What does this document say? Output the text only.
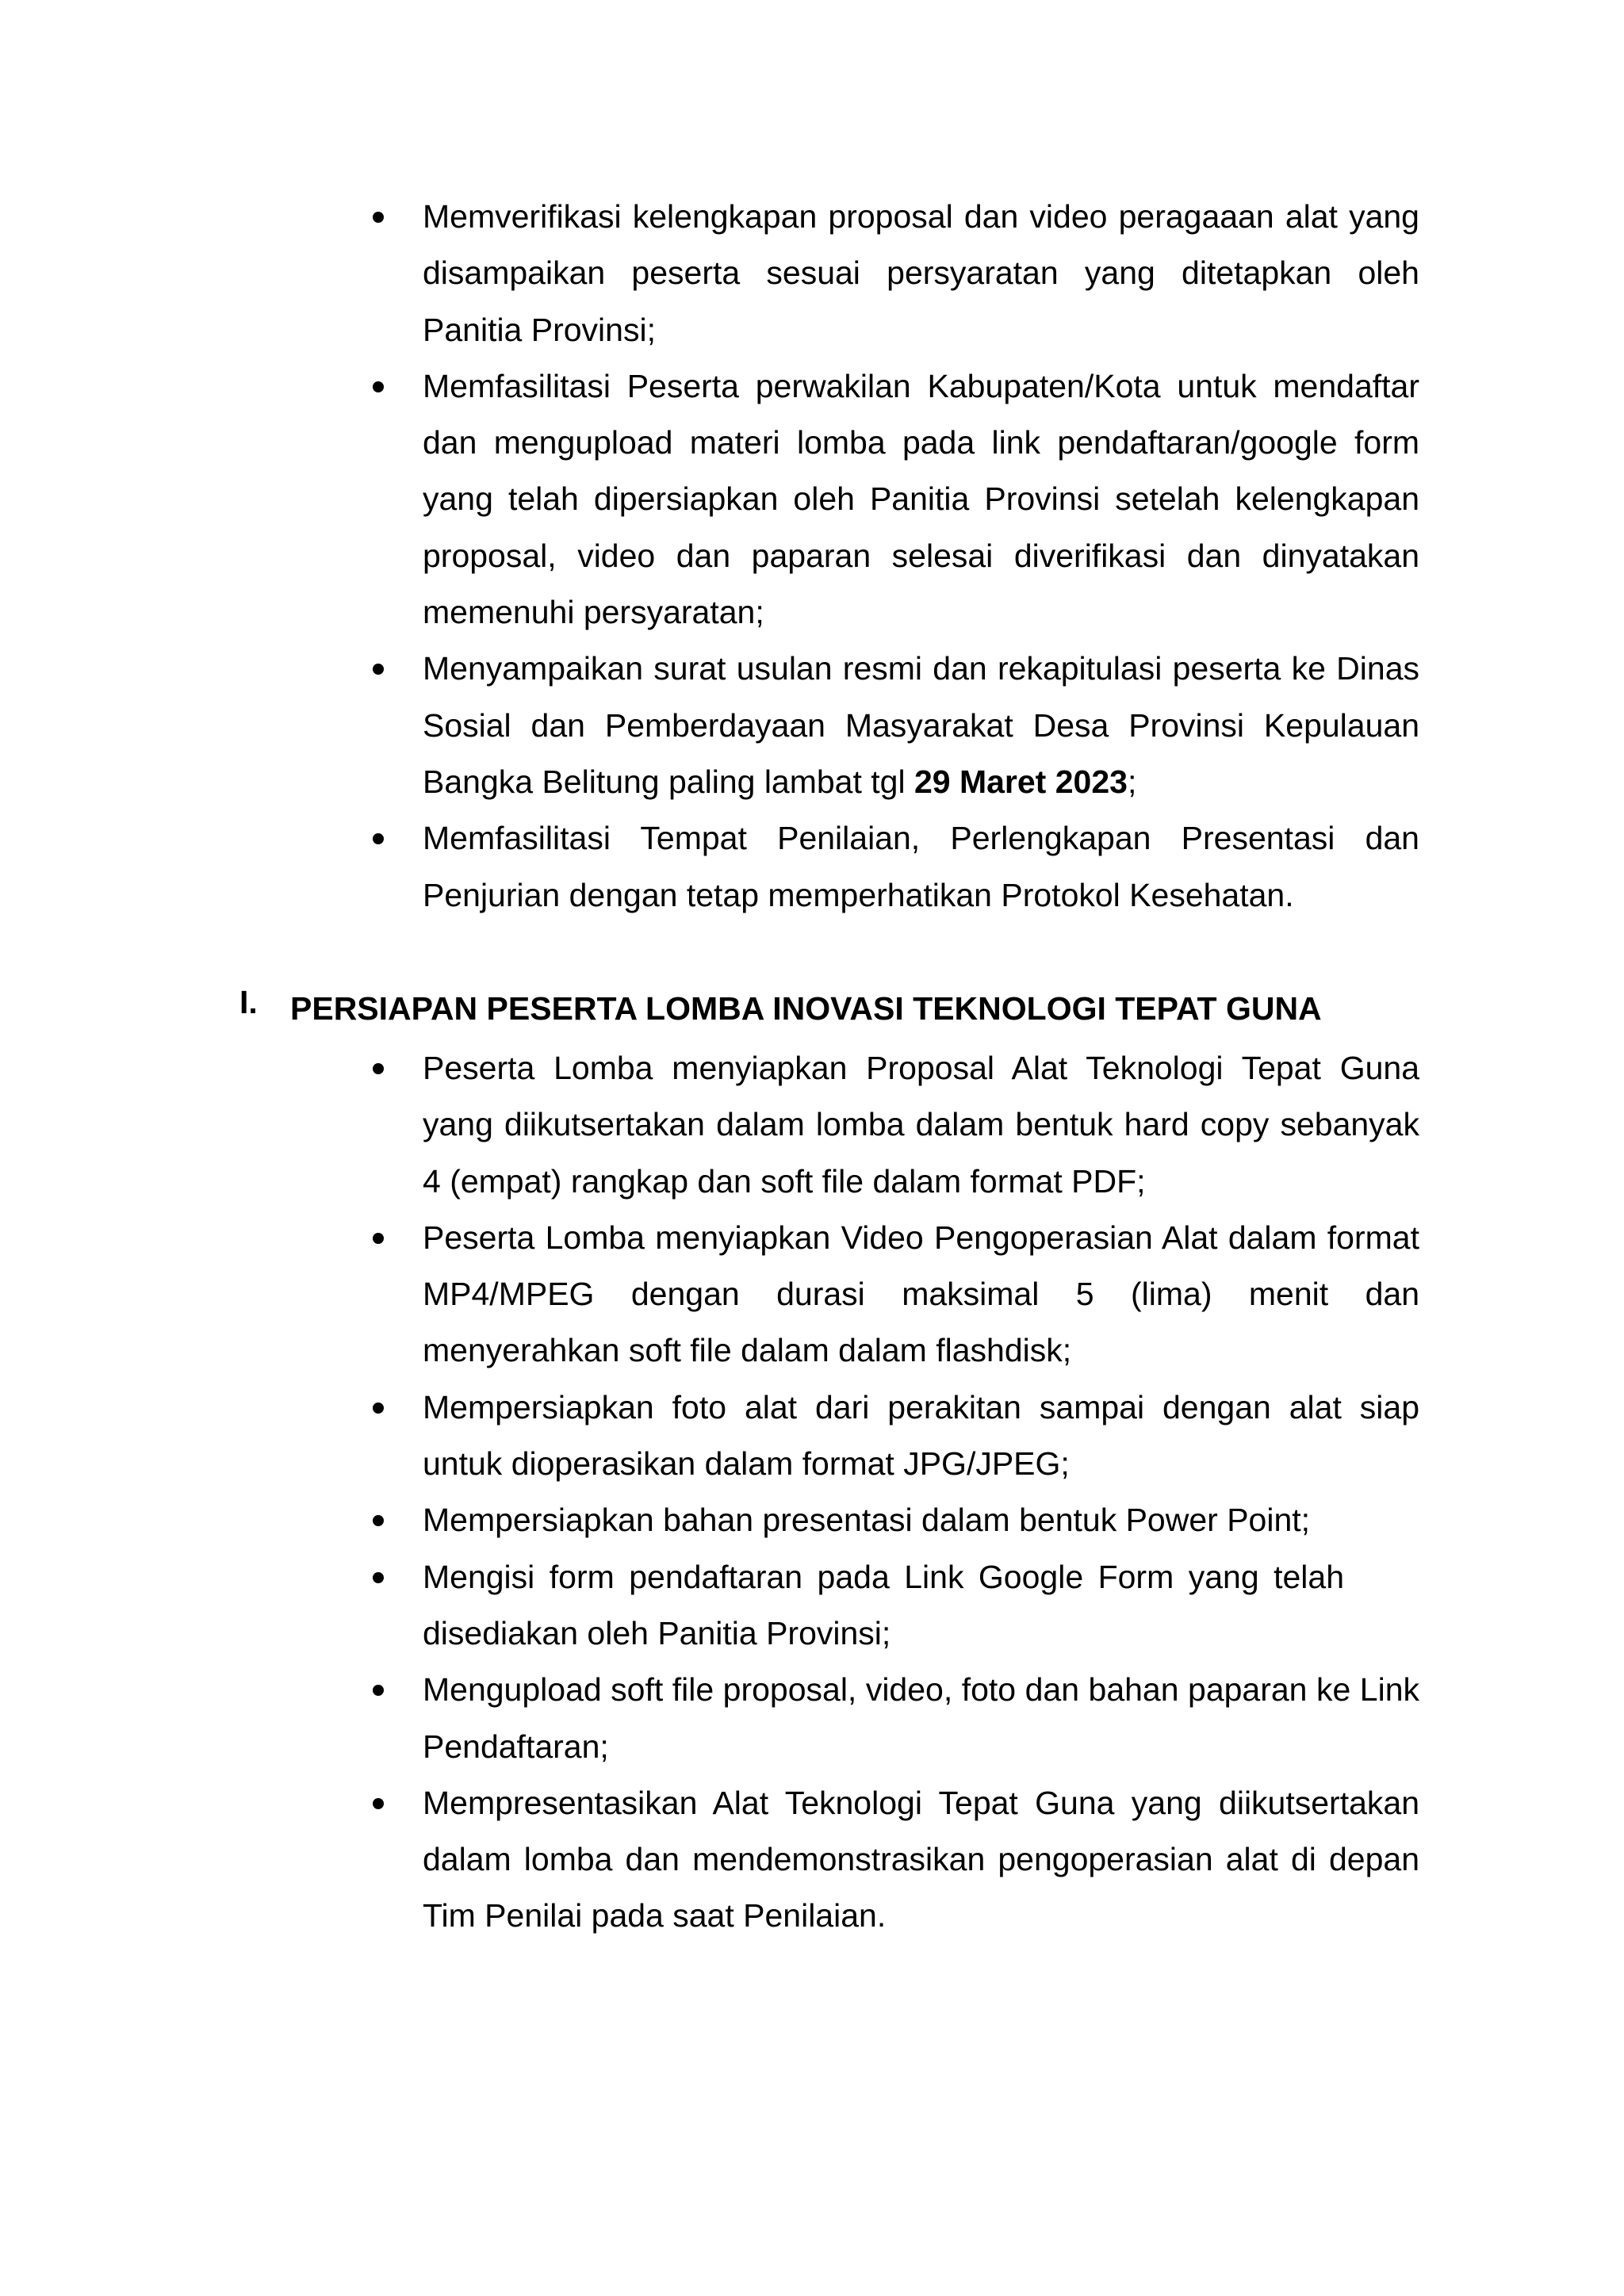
Memverifikasi kelengkapan proposal dan video peragaaan alat yang disampaikan peserta sesuai persyaratan yang ditetapkan oleh Panitia Provinsi;
Memfasilitasi Peserta perwakilan Kabupaten/Kota untuk mendaftar dan mengupload materi lomba pada link pendaftaran/google form yang telah dipersiapkan oleh Panitia Provinsi setelah kelengkapan proposal, video dan paparan selesai diverifikasi dan dinyatakan memenuhi persyaratan;
Menyampaikan surat usulan resmi dan rekapitulasi peserta ke Dinas Sosial dan Pemberdayaan Masyarakat Desa Provinsi Kepulauan Bangka Belitung paling lambat tgl 29 Maret 2023;
Memfasilitasi Tempat Penilaian, Perlengkapan Presentasi dan Penjurian dengan tetap memperhatikan Protokol Kesehatan.
I. PERSIAPAN PESERTA LOMBA INOVASI TEKNOLOGI TEPAT GUNA
Peserta Lomba menyiapkan Proposal Alat Teknologi Tepat Guna yang diikutsertakan dalam lomba dalam bentuk hard copy sebanyak 4 (empat) rangkap dan soft file dalam format PDF;
Peserta Lomba menyiapkan Video Pengoperasian Alat dalam format MP4/MPEG dengan durasi maksimal 5 (lima) menit dan menyerahkan soft file dalam dalam flashdisk;
Mempersiapkan foto alat dari perakitan sampai dengan alat siap untuk dioperasikan dalam format JPG/JPEG;
Mempersiapkan bahan presentasi dalam bentuk Power Point;
Mengisi form pendaftaran pada Link Google Form yang telah disediakan oleh Panitia Provinsi;
Mengupload soft file proposal, video, foto dan bahan paparan ke Link Pendaftaran;
Mempresentasikan Alat Teknologi Tepat Guna yang diikutsertakan dalam lomba dan mendemonstrasikan pengoperasian alat di depan Tim Penilai pada saat Penilaian.
